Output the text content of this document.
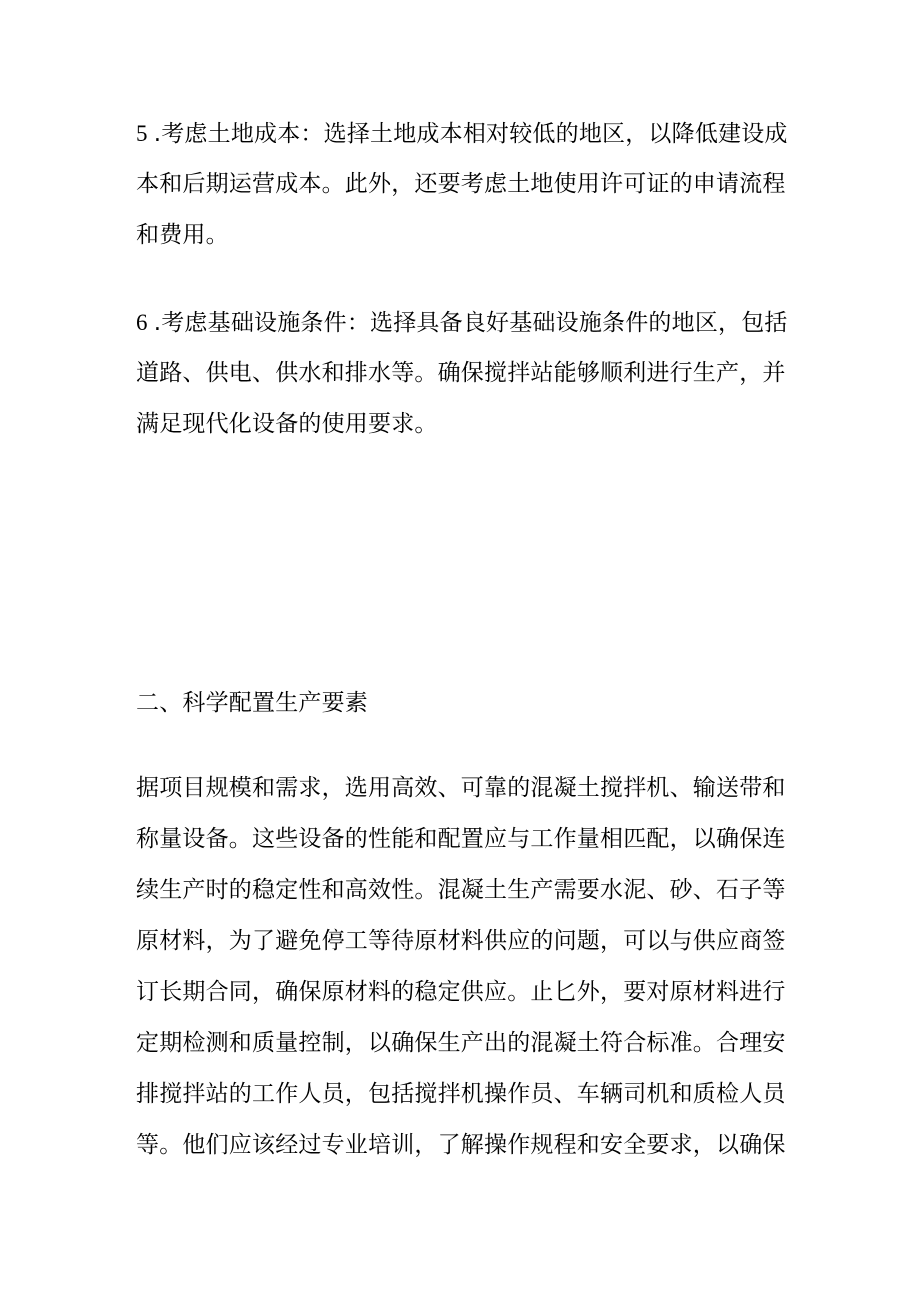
5 .考虑土地成本：选择土地成本相对较低的地区，以降低建设成
本和后期运营成本。此外，还要考虑土地使用许可证的申请流程
和费用。
6 .考虑基础设施条件：选择具备良好基础设施条件的地区，包括
道路、供电、供水和排水等。确保搅拌站能够顺利进行生产，并
满足现代化设备的使用要求。
二、科学配置生产要素
据项目规模和需求，选用高效、可靠的混凝土搅拌机、输送带和
称量设备。这些设备的性能和配置应与工作量相匹配，以确保连
续生产时的稳定性和高效性。混凝土生产需要水泥、砂、石子等
原材料，为了避免停工等待原材料供应的问题，可以与供应商签
订长期合同，确保原材料的稳定供应。止匕外，要对原材料进行
定期检测和质量控制，以确保生产出的混凝土符合标准。合理安
排搅拌站的工作人员，包括搅拌机操作员、车辆司机和质检人员
等。他们应该经过专业培训，了解操作规程和安全要求，以确保
